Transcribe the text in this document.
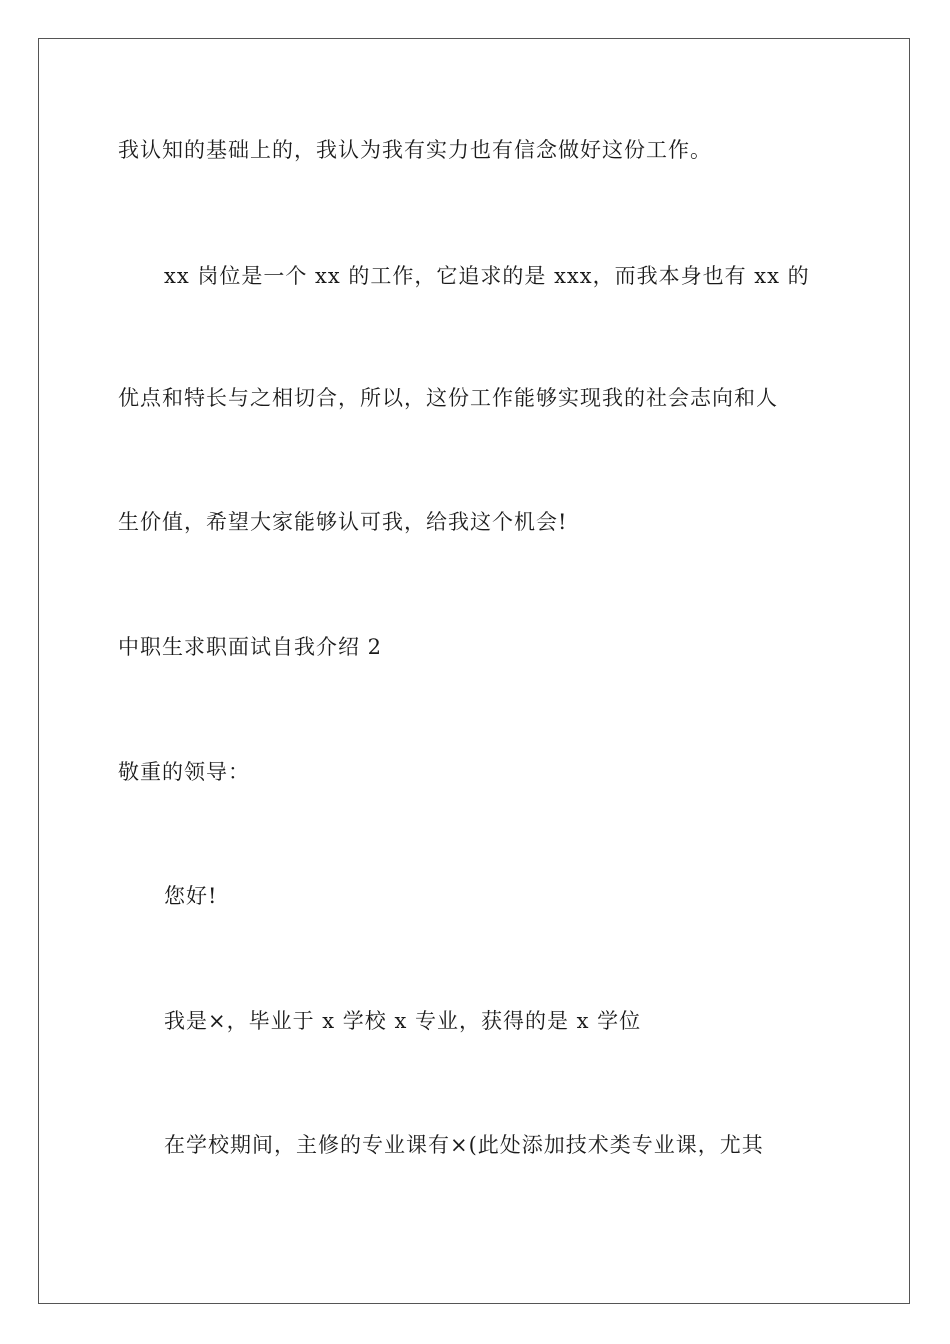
我认知的基础上的，我认为我有实力也有信念做好这份工作。
xx 岗位是一个 xx 的工作，它追求的是 xxx，而我本身也有 xx 的
优点和特长与之相切合，所以，这份工作能够实现我的社会志向和人
生价值，希望大家能够认可我，给我这个机会!
中职生求职面试自我介绍 2
敬重的领导：
您好!
我是×，毕业于 x 学校 x 专业，获得的是 x 学位
在学校期间，主修的专业课有×(此处添加技术类专业课，尤其
